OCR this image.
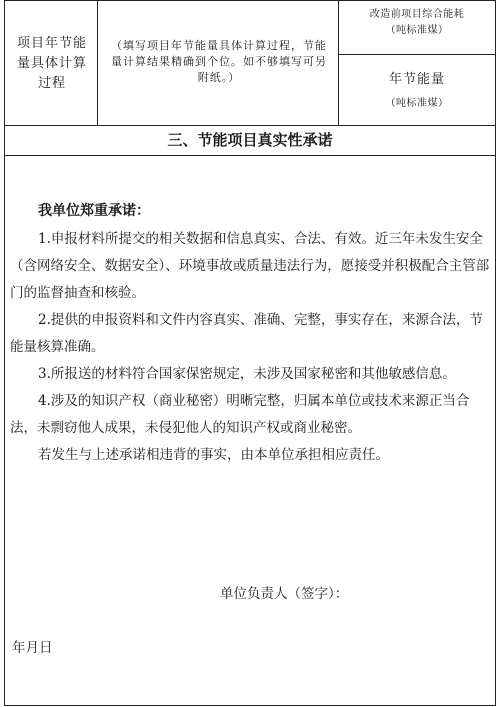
项目年节能量具体计算过程
（填写项目年节能量具体计算过程，节能量计算结果精确到个位。如不够填写可另附纸。）
改造前项目综合能耗
（吨标准煤）
年节能量
（吨标准煤）
三、节能项目真实性承诺
我单位郑重承诺：
1.申报材料所提交的相关数据和信息真实、合法、有效。近三年未发生安全（含网络安全、数据安全）、环境事故或质量违法行为，愿接受并积极配合主管部门的监督抽查和核验。
2.提供的申报资料和文件内容真实、准确、完整，事实存在，来源合法，节能量核算准确。
3.所报送的材料符合国家保密规定，未涉及国家秘密和其他敏感信息。
4.涉及的知识产权（商业秘密）明晰完整，归属本单位或技术来源正当合法，未剽窃他人成果，未侵犯他人的知识产权或商业秘密。
若发生与上述承诺相违背的事实，由本单位承担相应责任。
单位负责人（签字）：
年月日
